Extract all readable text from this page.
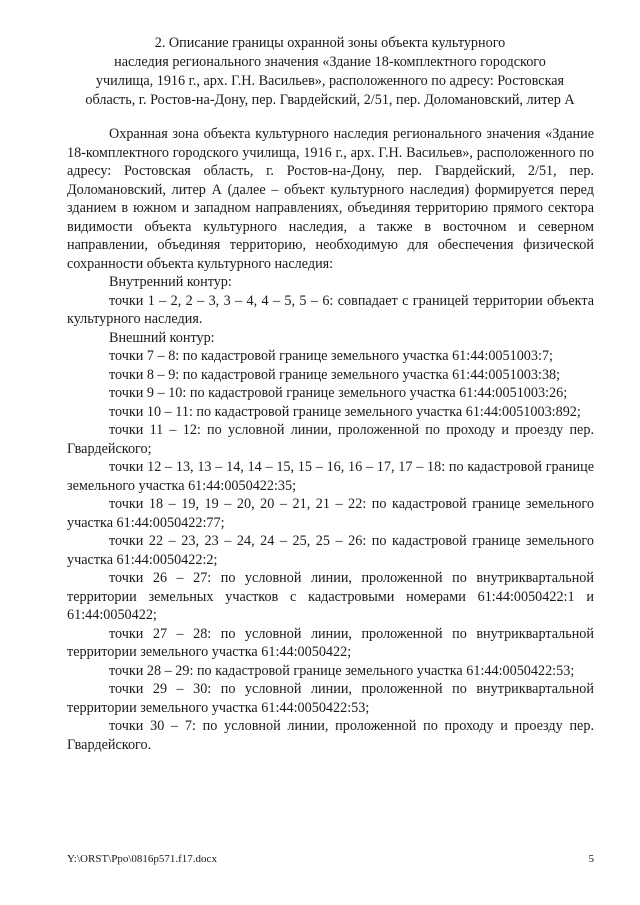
2. Описание границы охранной зоны объекта культурного
наследия регионального значения «Здание 18-комплектного городского
училища, 1916 г., арх. Г.Н. Васильев», расположенного по адресу: Ростовская
область, г. Ростов-на-Дону, пер. Гвардейский, 2/51, пер. Доломановский, литер А

Охранная зона объекта культурного наследия регионального значения «Здание 18-комплектного городского училища, 1916 г., арх. Г.Н. Васильев», расположенного по адресу: Ростовская область, г. Ростов-на-Дону, пер. Гвардейский, 2/51, пер. Доломановский, литер А (далее – объект культурного наследия) формируется перед зданием в южном и западном направлениях, объединяя территорию прямого сектора видимости объекта культурного наследия, а также в восточном и северном направлении, объединяя территорию, необходимую для обеспечения физической сохранности объекта культурного наследия:

Внутренний контур:

точки 1 – 2, 2 – 3, 3 – 4, 4 – 5, 5 – 6: совпадает с границей территории объекта культурного наследия.

Внешний контур:

точки 7 – 8: по кадастровой границе земельного участка 61:44:0051003:7;

точки 8 – 9: по кадастровой границе земельного участка 61:44:0051003:38;

точки 9 – 10: по кадастровой границе земельного участка 61:44:0051003:26;

точки 10 – 11: по кадастровой границе земельного участка 61:44:0051003:892;

точки 11 – 12: по условной линии, проложенной по проходу и проезду пер. Гвардейского;

точки 12 – 13, 13 – 14, 14 – 15, 15 – 16, 16 – 17, 17 – 18: по кадастровой границе земельного участка 61:44:0050422:35;

точки 18 – 19, 19 – 20, 20 – 21, 21 – 22: по кадастровой границе земельного участка 61:44:0050422:77;

точки 22 – 23, 23 – 24, 24 – 25, 25 – 26: по кадастровой границе земельного участка 61:44:0050422:2;

точки 26 – 27: по условной линии, проложенной по внутриквартальной территории земельных участков с кадастровыми номерами 61:44:0050422:1 и 61:44:0050422;

точки 27 – 28: по условной линии, проложенной по внутриквартальной территории земельного участка 61:44:0050422;

точки 28 – 29: по кадастровой границе земельного участка 61:44:0050422:53;

точки 29 – 30: по условной линии, проложенной по внутриквартальной территории земельного участка 61:44:0050422:53;

точки 30 – 7: по условной линии, проложенной по проходу и проезду пер. Гвардейского.

Y:\ORST\Ppo\0816p571.f17.docx	5
